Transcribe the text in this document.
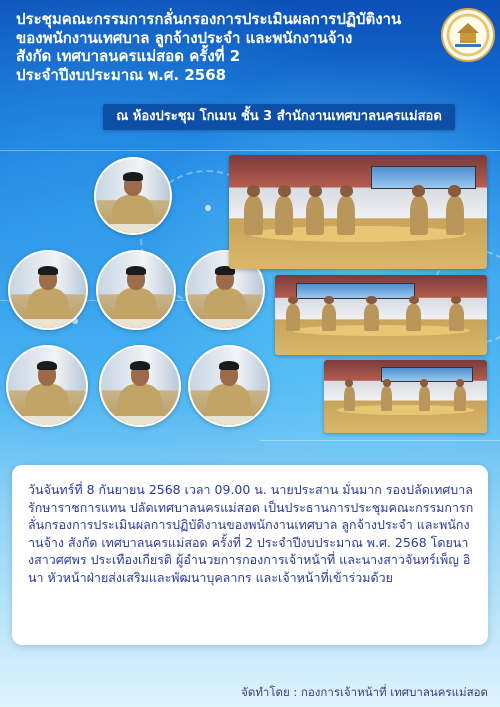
ประชุมคณะกรรมการกลั่นกรองการประเมินผลการปฏิบัติงาน
ของพนักงานเทศบาล ลูกจ้างประจำ และพนักงานจ้าง
สังกัด เทศบาลนครแม่สอด ครั้งที่ 2
ประจำปีงบประมาณ พ.ศ. 2568
ณ ห้องประชุม โกเมน ชั้น 3 สำนักงานเทศบาลนครแม่สอด

วันจันทร์ที่ 8 กันยายน 2568 เวลา 09.00 น. นายประสาน มั่นมาก รองปลัดเทศบาล รักษาราชการแทน ปลัดเทศบาลนครแม่สอด เป็นประธานการประชุมคณะกรรมการกลั่นกรองการประเมินผลการปฏิบัติงานของพนักงานเทศบาล ลูกจ้างประจำ และพนักงานจ้าง สังกัด เทศบาลนครแม่สอด ครั้งที่ 2 ประจำปีงบประมาณ พ.ศ. 2568 โดยนางสาวศศพร ประเทืองเกียรติ ผู้อำนวยการกองการเจ้าหน้าที่ และนางสาวจันทร์เพ็ญ อินา หัวหน้าฝ่ายส่งเสริมและพัฒนาบุคลากร และเจ้าหน้าที่เข้าร่วมด้วย

จัดทำโดย : กองการเจ้าหน้าที่ เทศบาลนครแม่สอด
